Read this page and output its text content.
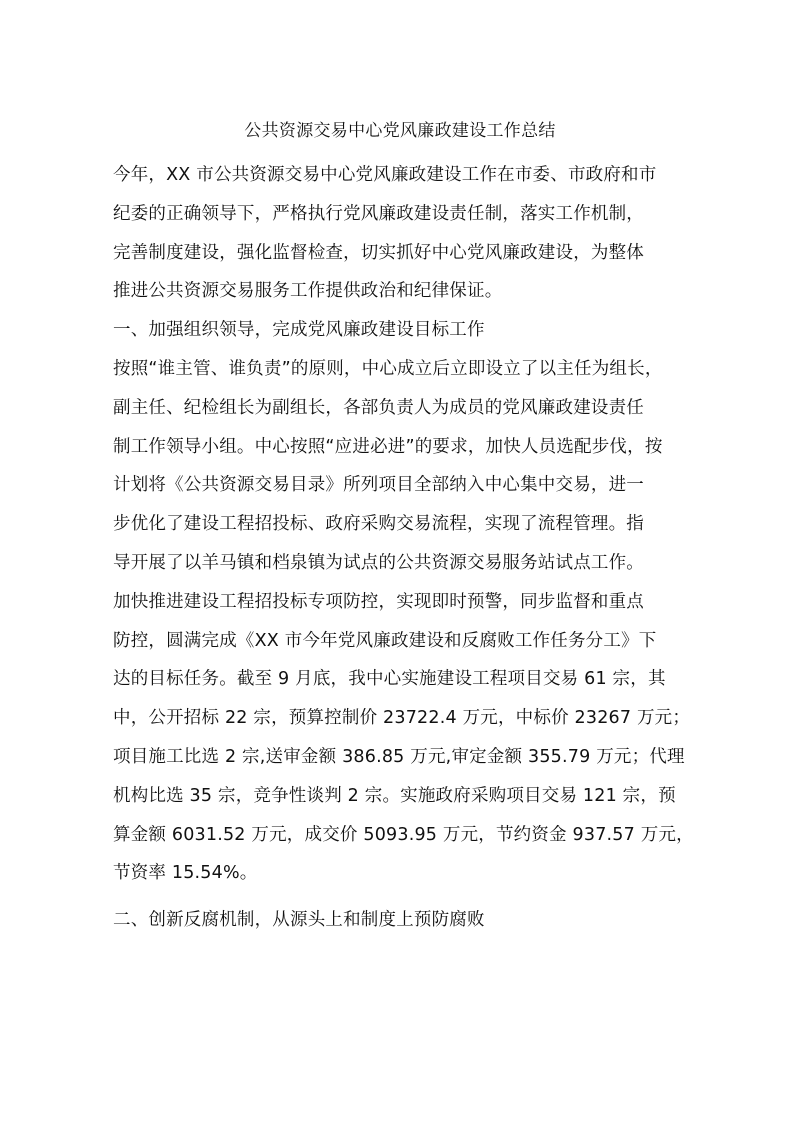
公共资源交易中心党风廉政建设工作总结
今年，XX 市公共资源交易中心党风廉政建设工作在市委、市政府和市
纪委的正确领导下，严格执行党风廉政建设责任制，落实工作机制，
完善制度建设，强化监督检查，切实抓好中心党风廉政建设，为整体
推进公共资源交易服务工作提供政治和纪律保证。
一、加强组织领导，完成党风廉政建设目标工作
按照“谁主管、谁负责”的原则，中心成立后立即设立了以主任为组长，
副主任、纪检组长为副组长，各部负责人为成员的党风廉政建设责任
制工作领导小组。中心按照“应进必进”的要求，加快人员选配步伐，按
计划将《公共资源交易目录》所列项目全部纳入中心集中交易，进一
步优化了建设工程招投标、政府采购交易流程，实现了流程管理。指
导开展了以羊马镇和档泉镇为试点的公共资源交易服务站试点工作。
加快推进建设工程招投标专项防控，实现即时预警，同步监督和重点
防控，圆满完成《XX 市今年党风廉政建设和反腐败工作任务分工》下
达的目标任务。截至 9 月底，我中心实施建设工程项目交易 61 宗，其
中，公开招标 22 宗，预算控制价 23722.4 万元，中标价 23267 万元；
项目施工比选 2 宗,送审金额 386.85 万元,审定金额 355.79 万元；代理
机构比选 35 宗，竞争性谈判 2 宗。实施政府采购项目交易 121 宗，预
算金额 6031.52 万元，成交价 5093.95 万元，节约资金 937.57 万元，
节资率 15.54%。
二、创新反腐机制，从源头上和制度上预防腐败
